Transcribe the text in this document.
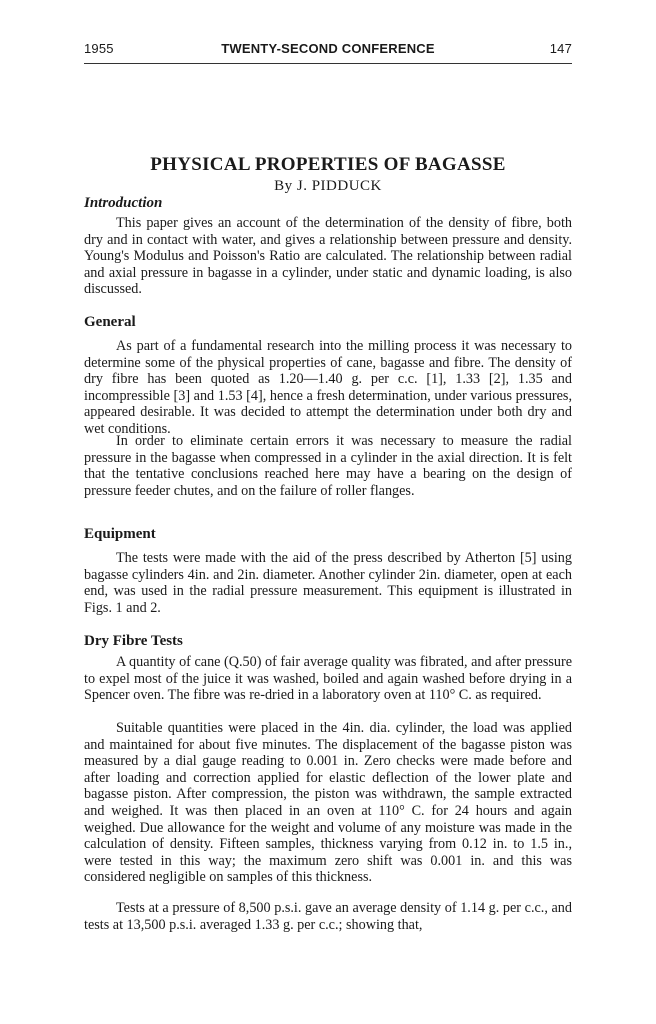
1955	TWENTY-SECOND CONFERENCE	147
PHYSICAL PROPERTIES OF BAGASSE
By J. PIDDUCK
Introduction

This paper gives an account of the determination of the density of fibre, both dry and in contact with water, and gives a relationship between pressure and density. Young's Modulus and Poisson's Ratio are calculated. The relationship between radial and axial pressure in bagasse in a cylinder, under static and dynamic loading, is also discussed.

General

As part of a fundamental research into the milling process it was necessary to determine some of the physical properties of cane, bagasse and fibre. The density of dry fibre has been quoted as 1.20—1.40 g. per c.c. [1], 1.33 [2], 1.35 and incompressible [3] and 1.53 [4], hence a fresh determination, under various pressures, appeared desirable. It was decided to attempt the determination under both dry and wet conditions.

In order to eliminate certain errors it was necessary to measure the radial pressure in the bagasse when compressed in a cylinder in the axial direction. It is felt that the tentative conclusions reached here may have a bearing on the design of pressure feeder chutes, and on the failure of roller flanges.

Equipment

The tests were made with the aid of the press described by Atherton [5] using bagasse cylinders 4in. and 2in. diameter. Another cylinder 2in. diameter, open at each end, was used in the radial pressure measurement. This equipment is illustrated in Figs. 1 and 2.

Dry Fibre Tests

A quantity of cane (Q.50) of fair average quality was fibrated, and after pressure to expel most of the juice it was washed, boiled and again washed before drying in a Spencer oven. The fibre was re-dried in a laboratory oven at 110° C. as required.

Suitable quantities were placed in the 4in. dia. cylinder, the load was applied and maintained for about five minutes. The displacement of the bagasse piston was measured by a dial gauge reading to 0.001 in. Zero checks were made before and after loading and correction applied for elastic deflection of the lower plate and bagasse piston. After compression, the piston was withdrawn, the sample extracted and weighed. It was then placed in an oven at 110° C. for 24 hours and again weighed. Due allowance for the weight and volume of any moisture was made in the calculation of density. Fifteen samples, thickness varying from 0.12 in. to 1.5 in., were tested in this way; the maximum zero shift was 0.001 in. and this was considered negligible on samples of this thickness.

Tests at a pressure of 8,500 p.s.i. gave an average density of 1.14 g. per c.c., and tests at 13,500 p.s.i. averaged 1.33 g. per c.c.; showing that,
